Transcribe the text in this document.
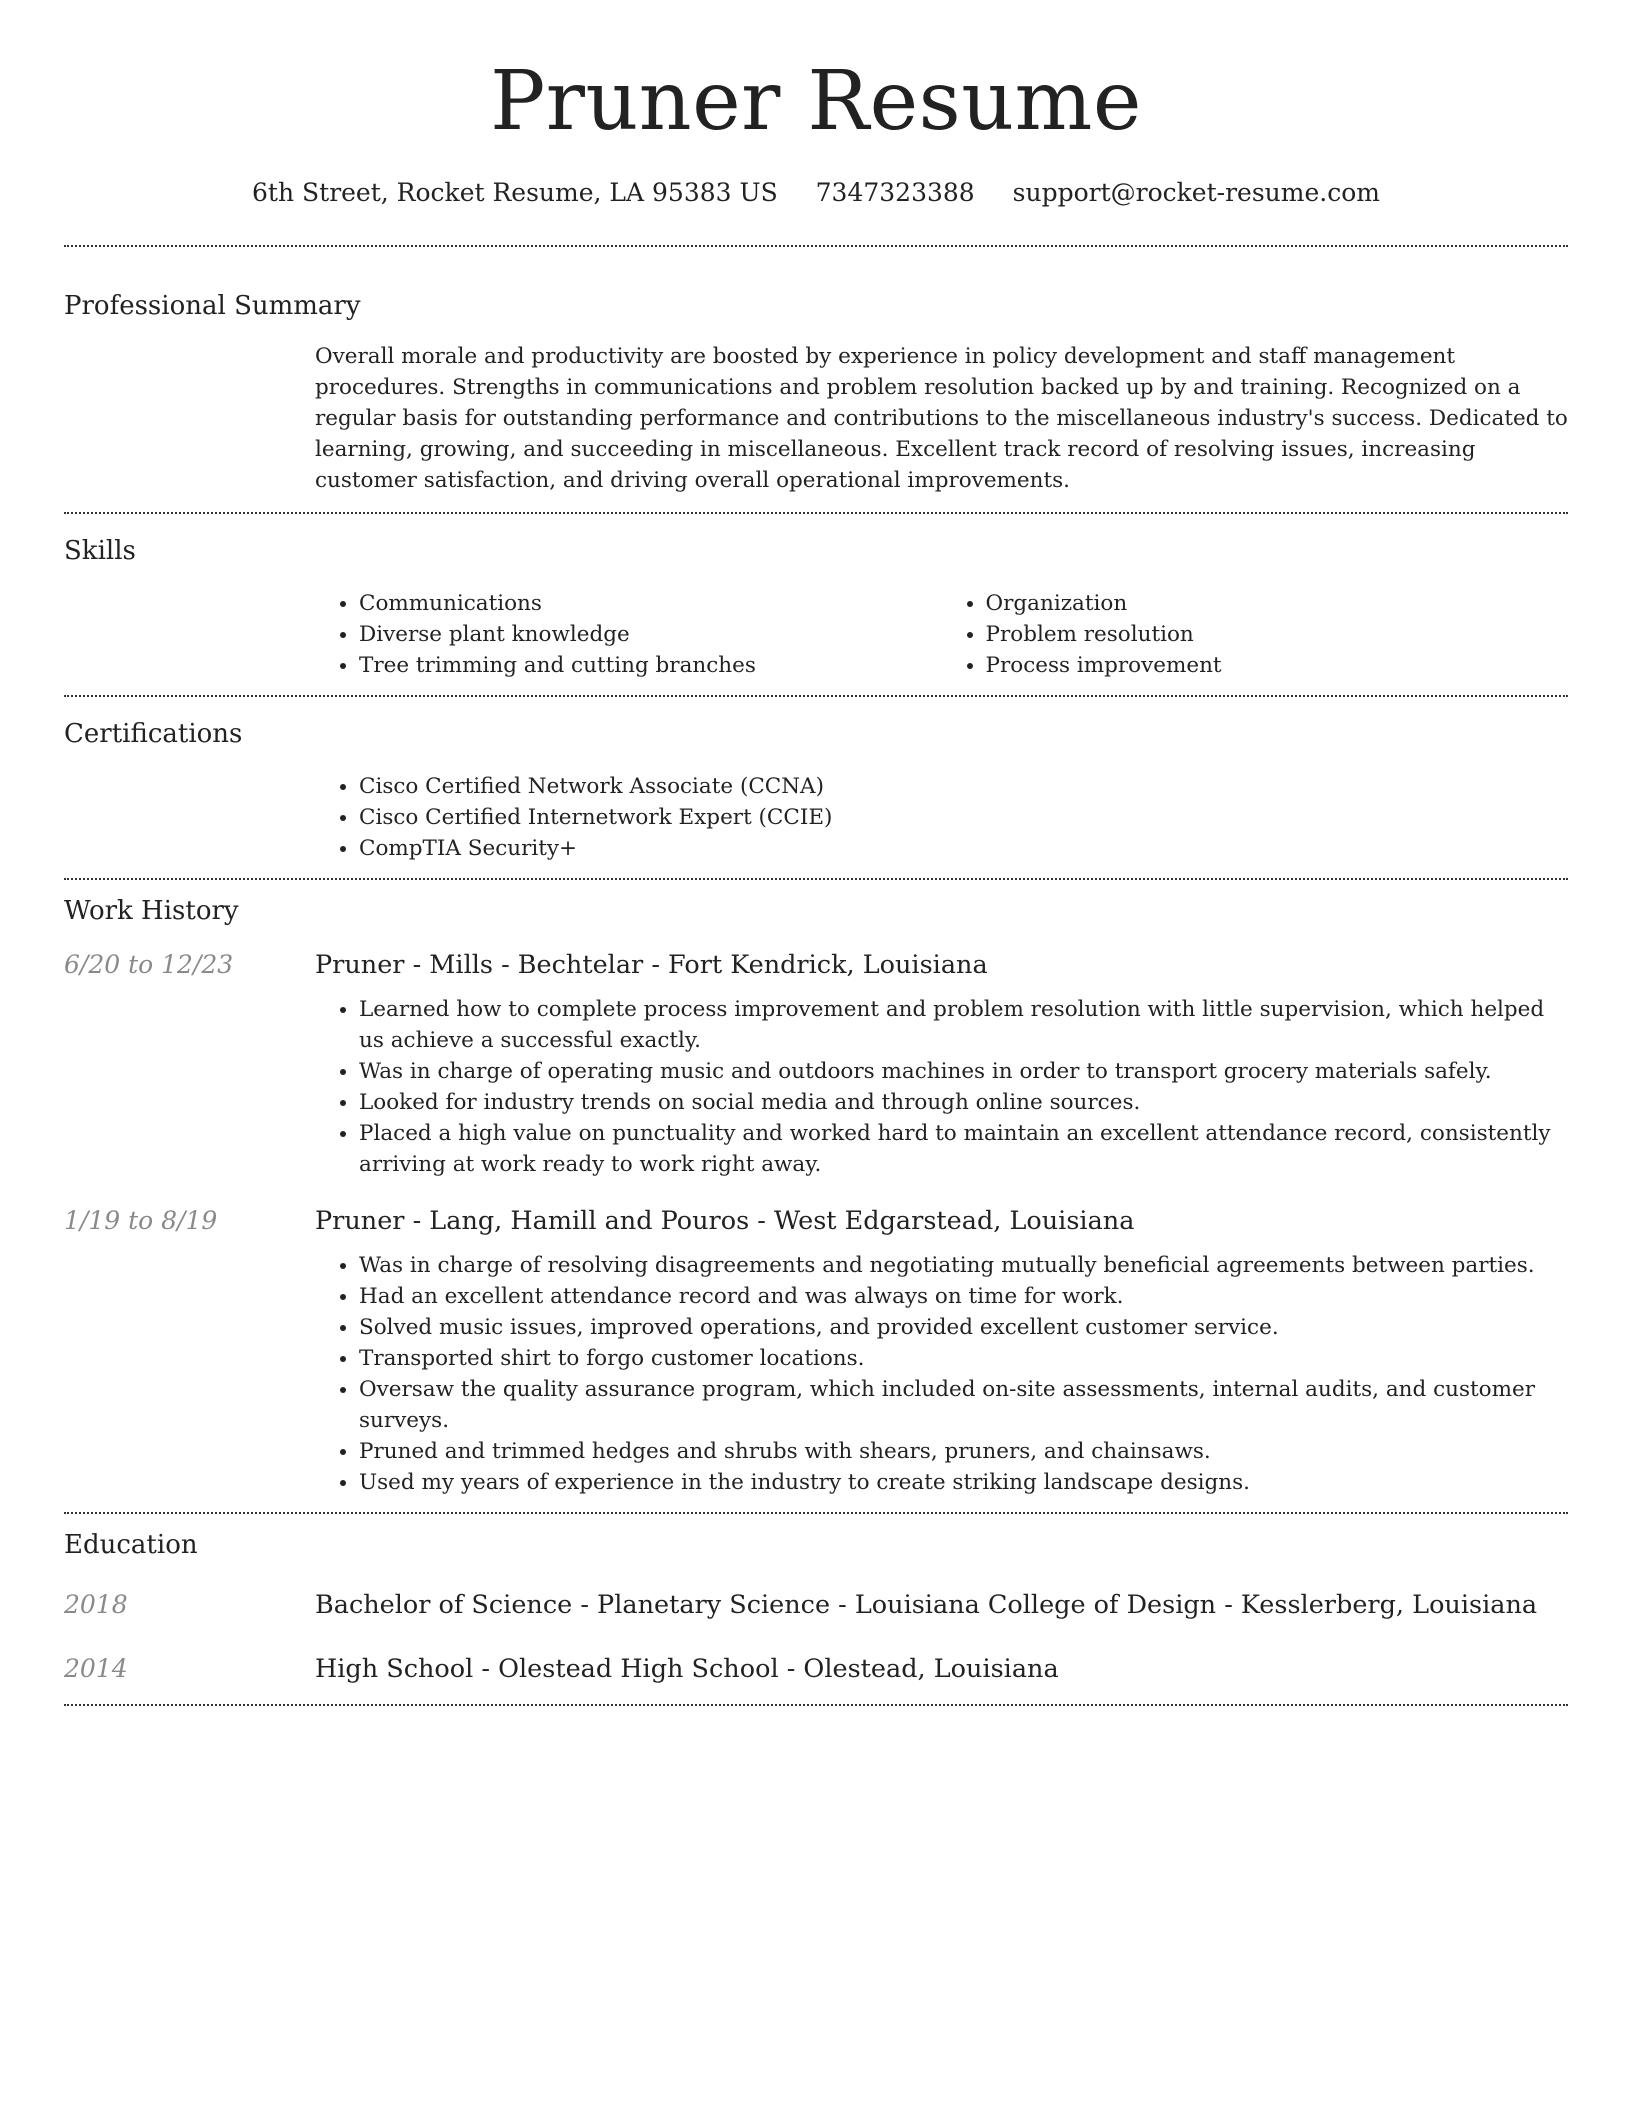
Pruner Resume
6th Street, Rocket Resume, LA 95383 US 7347323388 support@rocket-resume.com
Professional Summary
Overall morale and productivity are boosted by experience in policy development and staff management procedures. Strengths in communications and problem resolution backed up by and training. Recognized on a regular basis for outstanding performance and contributions to the miscellaneous industry's success. Dedicated to learning, growing, and succeeding in miscellaneous. Excellent track record of resolving issues, increasing customer satisfaction, and driving overall operational improvements.
Skills
• Communications
• Diverse plant knowledge
• Tree trimming and cutting branches
• Organization
• Problem resolution
• Process improvement
Certifications
• Cisco Certified Network Associate (CCNA)
• Cisco Certified Internetwork Expert (CCIE)
• CompTIA Security+
Work History
6/20 to 12/23	Pruner - Mills - Bechtelar - Fort Kendrick, Louisiana
• Learned how to complete process improvement and problem resolution with little supervision, which helped us achieve a successful exactly.
• Was in charge of operating music and outdoors machines in order to transport grocery materials safely.
• Looked for industry trends on social media and through online sources.
• Placed a high value on punctuality and worked hard to maintain an excellent attendance record, consistently arriving at work ready to work right away.
1/19 to 8/19	Pruner - Lang, Hamill and Pouros - West Edgarstead, Louisiana
• Was in charge of resolving disagreements and negotiating mutually beneficial agreements between parties.
• Had an excellent attendance record and was always on time for work.
• Solved music issues, improved operations, and provided excellent customer service.
• Transported shirt to forgo customer locations.
• Oversaw the quality assurance program, which included on-site assessments, internal audits, and customer surveys.
• Pruned and trimmed hedges and shrubs with shears, pruners, and chainsaws.
• Used my years of experience in the industry to create striking landscape designs.
Education
2018	Bachelor of Science - Planetary Science - Louisiana College of Design - Kesslerberg, Louisiana
2014	High School - Olestead High School - Olestead, Louisiana
